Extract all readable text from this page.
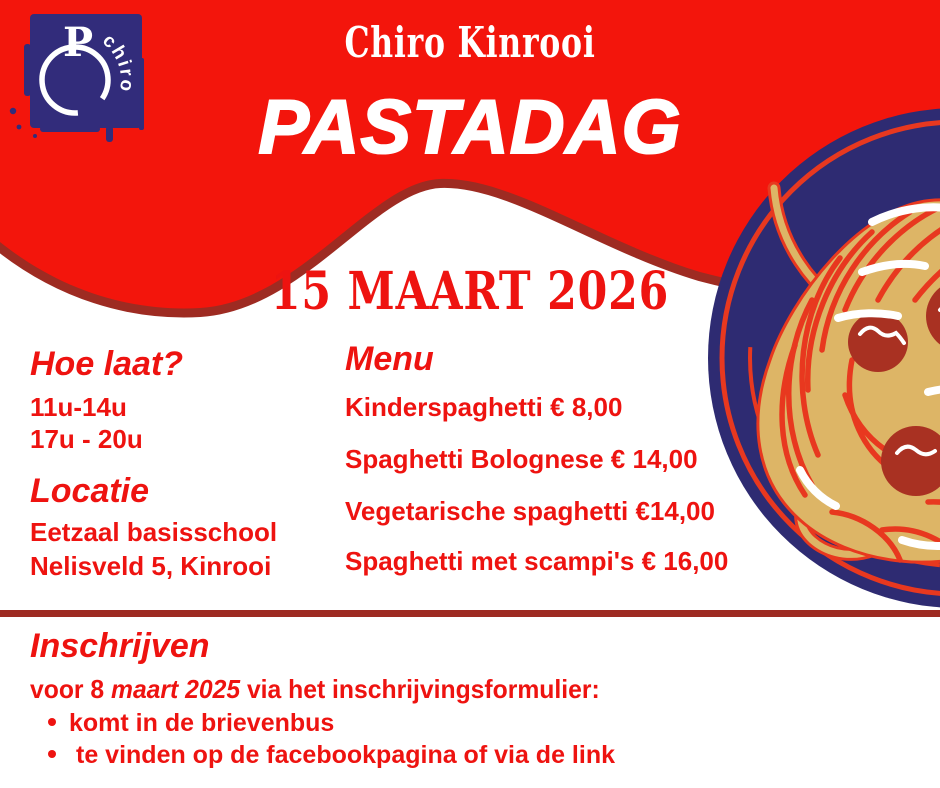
P chiro
Chiro Kinrooi
PASTADAG
15 MAART 2026
Hoe laat?
11u-14u
17u - 20u
Locatie
Eetzaal basisschool
Nelisveld 5, Kinrooi
Menu
Kinderspaghetti € 8,00
Spaghetti Bolognese € 14,00
Vegetarische spaghetti €14,00
Spaghetti met scampi's € 16,00
Inschrijven
voor 8 maart 2025 via het inschrijvingsformulier:
komt in de brievenbus
te vinden op de facebookpagina of via de link
